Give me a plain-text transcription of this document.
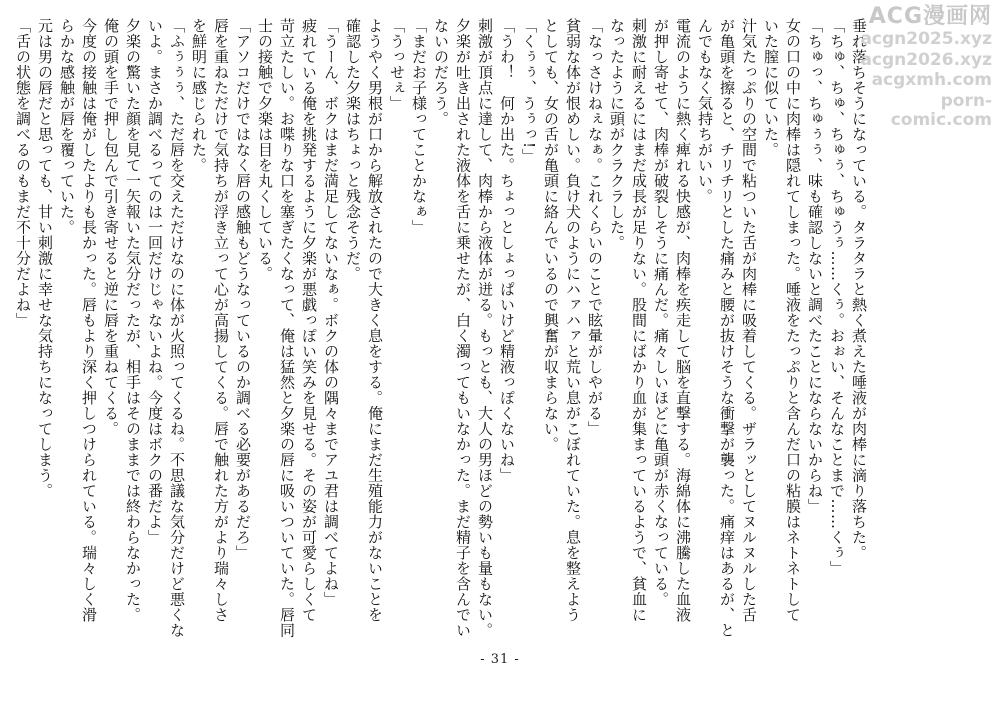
垂れ落ちそうになっている。タラタラと熱く煮えた唾液が肉棒に滴り落ちた。

「ちゅ、ちゅ、ちゅぅ、ちゅうぅ……くぅ。おぉい、そんなことまで……くぅ」

「ちゅっ、ちゅぅぅ、味も確認しないと調べたことにならないからね」

女の口の中に肉棒は隠れてしまった。唾液をたっぷりと含んだ口の粘膜はネトネトして

いた膣に似ていた。

汁気たっぷりの空間で粘ついた舌が肉棒に吸着してくる。ザラッとしてヌルヌルした舌

が亀頭を擦ると、チリチリとした痛みと腰が抜けそうな衝撃が襲った。痛痒はあるが、と

んでもなく気持ちがいい。

電流のように熱く痺れる快感が、肉棒を疾走して脳を直撃する。海綿体に沸騰した血液

が押し寄せて、肉棒が破裂しそうに痛んだ。痛々しいほどに亀頭が赤くなっている。

刺激に耐えるにはまだ成長が足りない。股間にばかり血が集まっているようで、貧血に

なったように頭がクラクラした。

「なっさけねぇなぁ。これくらいのことで眩暈がしやがる」

貧弱な体が恨めしい。負け犬のようにハァハァと荒い息がこぼれていた。息を整えよう

としても、女の舌が亀頭に絡んでいるので興奮が収まらない。

「くぅぅ、うぅっ!」

「うわ！　何か出た。ちょっとしょっぱいけど精液っぽくないね」

刺激が頂点に達して、肉棒から液体が迸る。もっとも、大人の男ほどの勢いも量もない。

夕楽が吐き出された液体を舌に乗せたが、白く濁ってもいなかった。まだ精子を含んでい

ないのだろう。

「まだお子様ってことかなぁ」

「うっせぇ」

ようやく男根が口から解放されたので大きく息をする。俺にまだ生殖能力がないことを

確認した夕楽はちょっと残念そうだ。

「うーん、ボクはまだ満足してないなぁ。ボクの体の隅々までアユ君は調べてよね」

疲れている俺を挑発するように夕楽が悪戯っぽい笑みを見せる。その姿が可愛らしくて

苛立たしい。お喋りな口を塞ぎたくなって、俺は猛然と夕楽の唇に吸いついていた。唇同

士の接触で夕楽は目を丸くしている。

「アソコだけではなく唇の感触もどうなっているのか調べる必要があるだろ」

唇を重ねただけで気持ちが浮き立って心が高揚してくる。唇で触れた方がより瑞々しさ

を鮮明に感じられた。

「ふぅぅぅ、ただ唇を交えただけなのに体が火照ってくるね。不思議な気分だけど悪くな

いよ。まさか調べるってのは一回だけじゃないよね。今度はボクの番だよ」

夕楽の驚いた顔を見て一矢報いた気分だったが、相手はそのままでは終わらなかった。

俺の頭を手で押し包んで引き寄せると逆に唇を重ねてくる。

今度の接触は俺がしたよりも長かった。唇もより深く押しつけられている。瑞々しく滑

らかな感触が唇を覆っていた。

元は男の唇だと思っても、甘い刺激に幸せな気持ちになってしまう。

「舌の状態を調べるのもまだ不十分だよね」

- 31 -
ACG漫画网
acgn2025.xyz
acgn2026.xyz
acgxmh.com
porn-comic.com
